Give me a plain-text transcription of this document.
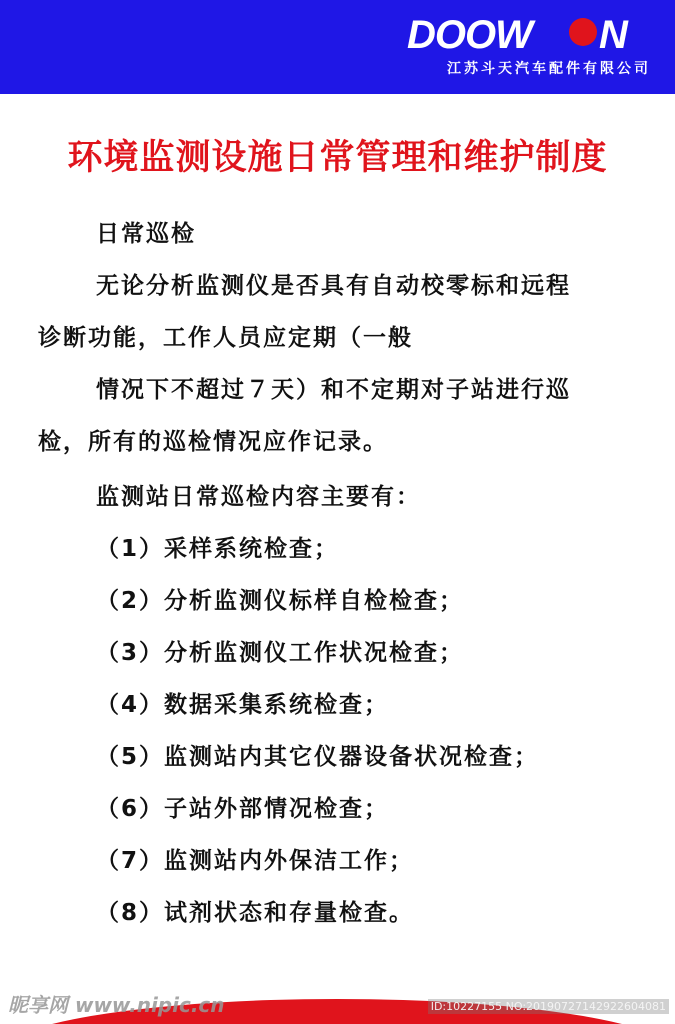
DOOW N
江苏斗天汽车配件有限公司
环境监测设施日常管理和维护制度
日常巡检
无论分析监测仪是否具有自动校零标和远程
诊断功能，工作人员应定期（一般
情况下不超过７天）和不定期对子站进行巡
检，所有的巡检情况应作记录。
监测站日常巡检内容主要有：
（1）采样系统检查；
（2）分析监测仪标样自检检查；
（3）分析监测仪工作状况检查；
（4）数据采集系统检查；
（5）监测站内其它仪器设备状况检查；
（6）子站外部情况检查；
（7）监测站内外保洁工作；
（8）试剂状态和存量检查。
昵享网 www.nipic.cn	ID:10227155 NO:20190727142922604081
